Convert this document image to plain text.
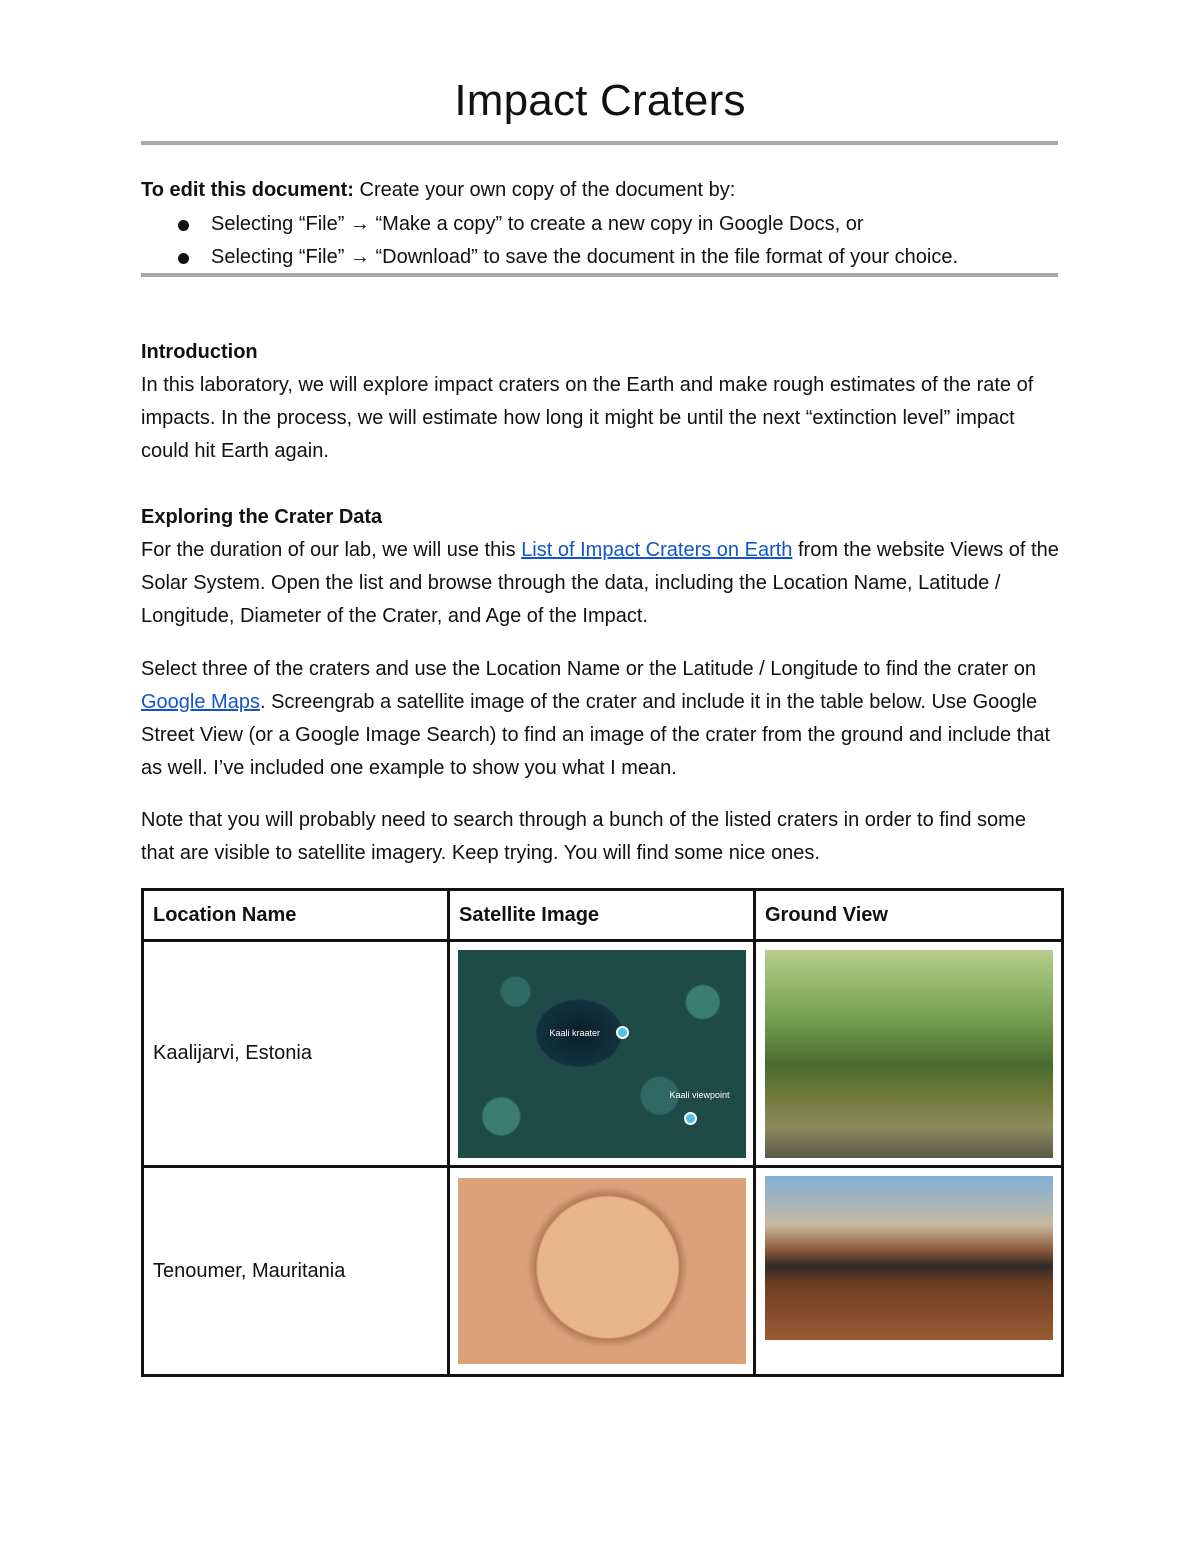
Impact Craters
To edit this document: Create your own copy of the document by:
Selecting “File” → “Make a copy” to create a new copy in Google Docs, or
Selecting “File” → “Download” to save the document in the file format of your choice.
Introduction
In this laboratory, we will explore impact craters on the Earth and make rough estimates of the rate of impacts. In the process, we will estimate how long it might be until the next “extinction level” impact could hit Earth again.
Exploring the Crater Data
For the duration of our lab, we will use this List of Impact Craters on Earth from the website Views of the Solar System. Open the list and browse through the data, including the Location Name, Latitude / Longitude, Diameter of the Crater, and Age of the Impact.
Select three of the craters and use the Location Name or the Latitude / Longitude to find the crater on Google Maps. Screengrab a satellite image of the crater and include it in the table below. Use Google Street View (or a Google Image Search) to find an image of the crater from the ground and include that as well. I’ve included one example to show you what I mean.
Note that you will probably need to search through a bunch of the listed craters in order to find some that are visible to satellite imagery. Keep trying. You will find some nice ones.
Location Name	Satellite Image	Ground View
Kaalijarvi, Estonia	Kaali kraater
Kaali viewpoint	

Tenoumer, Mauritania	
